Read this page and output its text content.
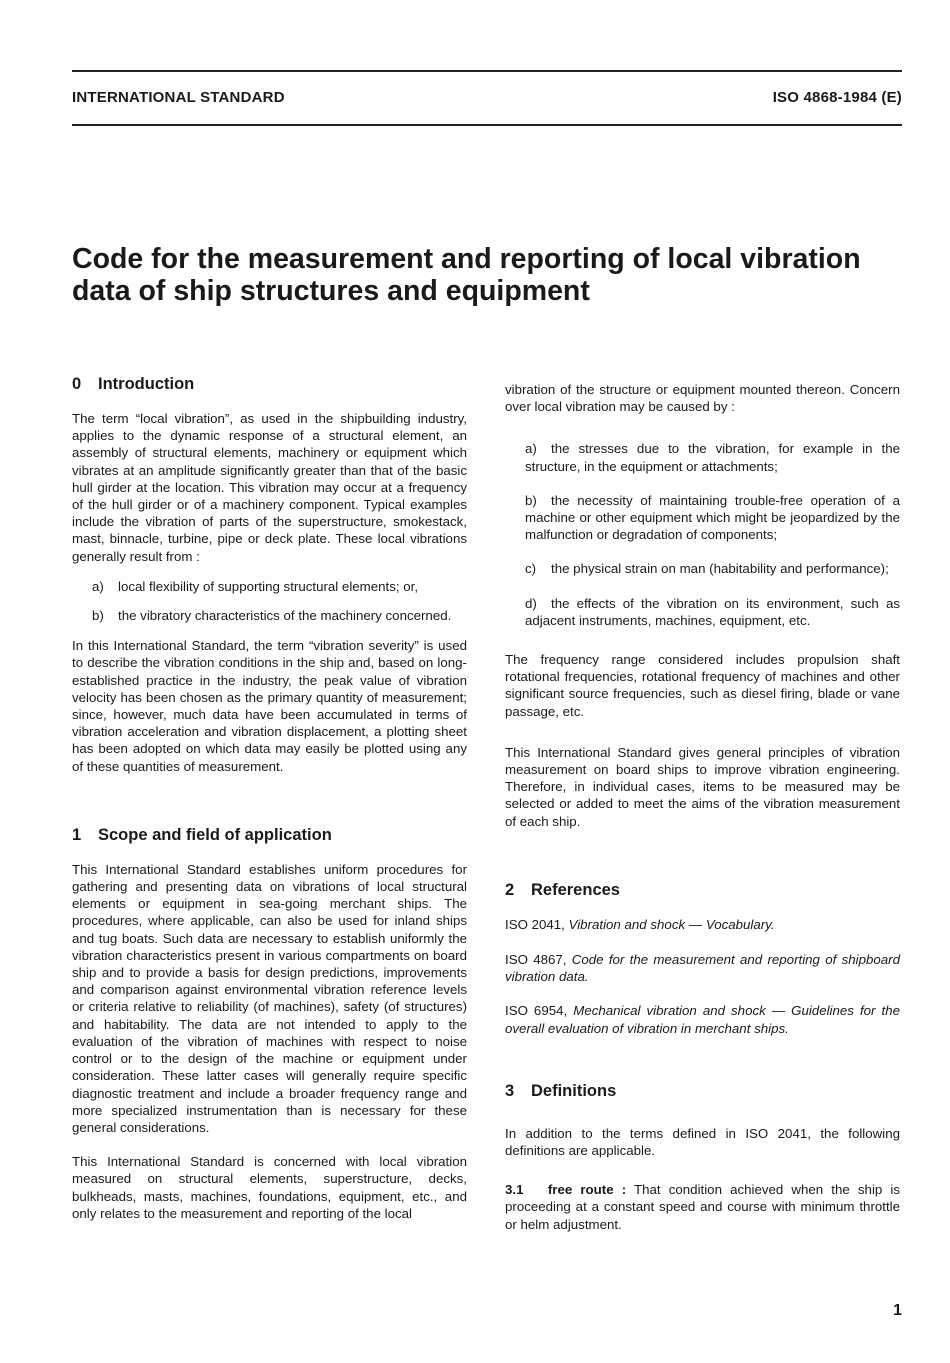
INTERNATIONAL STANDARD	ISO 4868-1984 (E)
Code for the measurement and reporting of local vibration data of ship structures and equipment
0 Introduction

The term “local vibration”, as used in the shipbuilding industry, applies to the dynamic response of a structural element, an assembly of structural elements, machinery or equipment which vibrates at an amplitude significantly greater than that of the basic hull girder at the location. This vibration may occur at a frequency of the hull girder or of a machinery component. Typical examples include the vibration of parts of the superstructure, smokestack, mast, binnacle, turbine, pipe or deck plate. These local vibrations generally result from :

a) local flexibility of supporting structural elements; or,
b) the vibratory characteristics of the machinery concerned.

In this International Standard, the term “vibration severity” is used to describe the vibration conditions in the ship and, based on long-established practice in the industry, the peak value of vibration velocity has been chosen as the primary quantity of measurement; since, however, much data have been accumulated in terms of vibration acceleration and vibration displacement, a plotting sheet has been adopted on which data may easily be plotted using any of these quantities of measurement.

1 Scope and field of application

This International Standard establishes uniform procedures for gathering and presenting data on vibrations of local structural elements or equipment in sea-going merchant ships. The procedures, where applicable, can also be used for inland ships and tug boats. Such data are necessary to establish uniformly the vibration characteristics present in various compartments on board ship and to provide a basis for design predictions, improvements and comparison against environmental vibration reference levels or criteria relative to reliability (of machines), safety (of structures) and habitability. The data are not intended to apply to the evaluation of the vibration of machines with respect to noise control or to the design of the machine or equipment under consideration. These latter cases will generally require specific diagnostic treatment and include a broader frequency range and more specialized instrumentation than is necessary for these general considerations.

This International Standard is concerned with local vibration measured on structural elements, superstructure, decks, bulkheads, masts, machines, foundations, equipment, etc., and only relates to the measurement and reporting of the local

vibration of the structure or equipment mounted thereon. Concern over local vibration may be caused by :

a) the stresses due to the vibration, for example in the structure, in the equipment or attachments;
b) the necessity of maintaining trouble-free operation of a machine or other equipment which might be jeopardized by the malfunction or degradation of components;
c) the physical strain on man (habitability and performance);
d) the effects of the vibration on its environment, such as adjacent instruments, machines, equipment, etc.

The frequency range considered includes propulsion shaft rotational frequencies, rotational frequency of machines and other significant source frequencies, such as diesel firing, blade or vane passage, etc.

This International Standard gives general principles of vibration measurement on board ships to improve vibration engineering. Therefore, in individual cases, items to be measured may be selected or added to meet the aims of the vibration measurement of each ship.

2 References

ISO 2041, Vibration and shock — Vocabulary.

ISO 4867, Code for the measurement and reporting of shipboard vibration data.

ISO 6954, Mechanical vibration and shock — Guidelines for the overall evaluation of vibration in merchant ships.

3 Definitions

In addition to the terms defined in ISO 2041, the following definitions are applicable.

3.1 free route : That condition achieved when the ship is proceeding at a constant speed and course with minimum throttle or helm adjustment.

1
